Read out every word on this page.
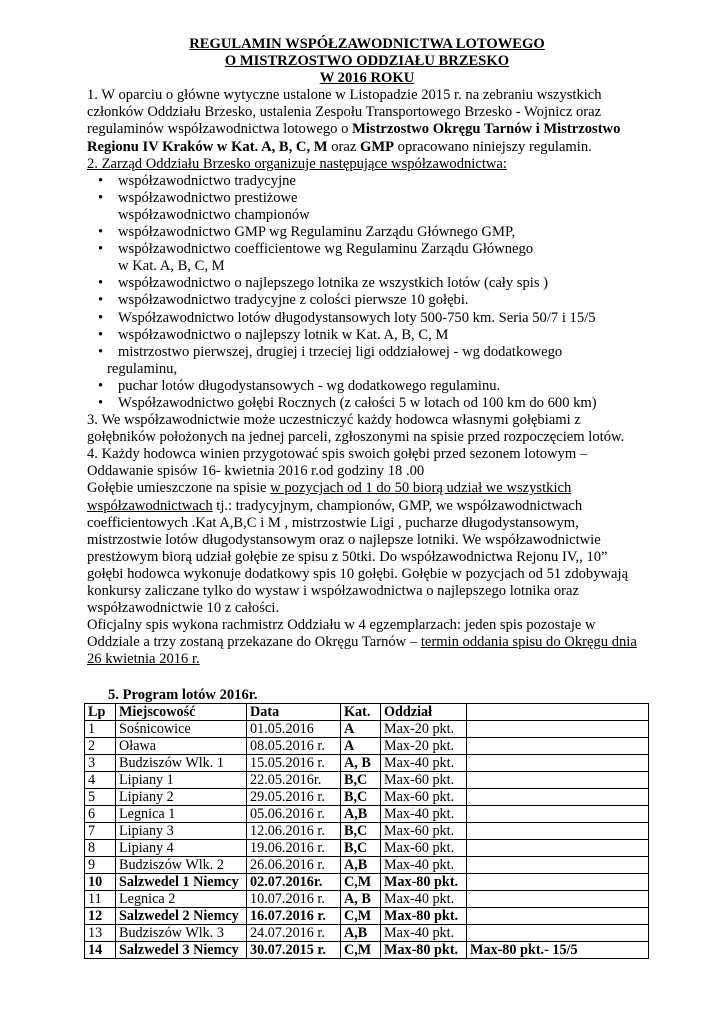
REGULAMIN WSPÓŁZAWODNICTWA LOTOWEGO

O MISTRZOSTWO ODDZIAŁU BRZESKO

W 2016 ROKU

1. W oparciu o główne wytyczne ustalone w Listopadzie 2015 r. na zebraniu wszystkich członków Oddziału Brzesko, ustalenia Zespołu Transportowego Brzesko - Wojnicz oraz regulaminów współzawodnictwa lotowego o Mistrzostwo Okręgu Tarnów i Mistrzostwo Regionu IV Kraków w Kat. A, B, C, M oraz GMP opracowano niniejszy regulamin.

2. Zarząd Oddziału Brzesko organizuje następujące współzawodnictwa:

• współzawodnictwo tradycyjne
• współzawodnictwo prestiżowe
współzawodnictwo championów
• współzawodnictwo GMP wg Regulaminu Zarządu Głównego GMP,
• współzawodnictwo coefficientowe wg Regulaminu Zarządu Głównego
w Kat. A, B, C, M
• współzawodnictwo o najlepszego lotnika ze wszystkich lotów (cały spis )
• współzawodnictwo tradycyjne z colości pierwsze 10 gołębi.
• Współzawodnictwo lotów długodystansowych loty 500-750 km. Seria 50/7 i 15/5
• współzawodnictwo o najlepszy lotnik w Kat. A, B, C, M
• mistrzostwo pierwszej, drugiej i trzeciej ligi oddziałowej - wg dodatkowego
regulaminu,
• puchar lotów długodystansowych - wg dodatkowego regulaminu.
• Współzawodnictwo gołębi Rocznych (z całości 5 w lotach od 100 km do 600 km)

3. We współzawodnictwie może uczestniczyć każdy hodowca własnymi gołębiami z gołębników położonych na jednej parceli, zgłoszonymi na spisie przed rozpoczęciem lotów.

4. Każdy hodowca winien przygotować spis swoich gołębi przed sezonem lotowym –

Oddawanie spisów 16- kwietnia 2016 r.od godziny 18 .00

Gołębie umieszczone na spisie w pozycjach od 1 do 50 biorą udział we wszystkich współzawodnictwach tj.: tradycyjnym, championów, GMP, we współzawodnictwach coefficientowych .Kat A,B,C i M , mistrzostwie Ligi , pucharze długodystansowym, mistrzostwie lotów długodystansowym oraz o najlepsze lotniki. We współzawodnictwie prestżowym biorą udział gołębie ze spisu z 50tki. Do współzawodnictwa Rejonu IV,, 10” gołębi hodowca wykonuje dodatkowy spis 10 gołębi. Gołębie w pozycjach od 51 zdobywają konkursy zaliczane tylko do wystaw i współzawodnictwa o najlepszego lotnika oraz współzawodnictwie 10 z całości.

Oficjalny spis wykona rachmistrz Oddziału w 4 egzemplarzach: jeden spis pozostaje w Oddziale a trzy zostaną przekazane do Okręgu Tarnów – termin oddania spisu do Okręgu dnia 26 kwietnia 2016 r.

5. Program lotów 2016r.
Lp	Miejscowość	Data	Kat.	Oddział	
1	Sośnicowice	01.05.2016	A	Max-20 pkt.	
2	Oława	08.05.2016 r.	A	Max-20 pkt.	
3	Budziszów Wlk. 1	15.05.2016 r.	A, B	Max-40 pkt.	
4	Lipiany 1	22.05.2016r.	B,C	Max-60 pkt.	
5	Lipiany 2	29.05.2016 r.	B,C	Max-60 pkt.	
6	Legnica 1	05.06.2016 r.	A,B	Max-40 pkt.	
7	Lipiany 3	12.06.2016 r.	B,C	Max-60 pkt.	
8	Lipiany 4	19.06.2016 r.	B,C	Max-60 pkt.	
9	Budziszów Wlk. 2	26.06.2016 r.	A,B	Max-40 pkt.	
10	Salzwedel 1 Niemcy	02.07.2016r.	C,M	Max-80 pkt.	
11	Legnica 2	10.07.2016 r.	A, B	Max-40 pkt.	
12	Salzwedel 2 Niemcy	16.07.2016 r.	C,M	Max-80 pkt.	
13	Budziszów Wlk. 3	24.07.2016 r.	A,B	Max-40 pkt.	
14	Salzwedel 3 Niemcy	30.07.2015 r.	C,M	Max-80 pkt.	Max-80 pkt.- 15/5
